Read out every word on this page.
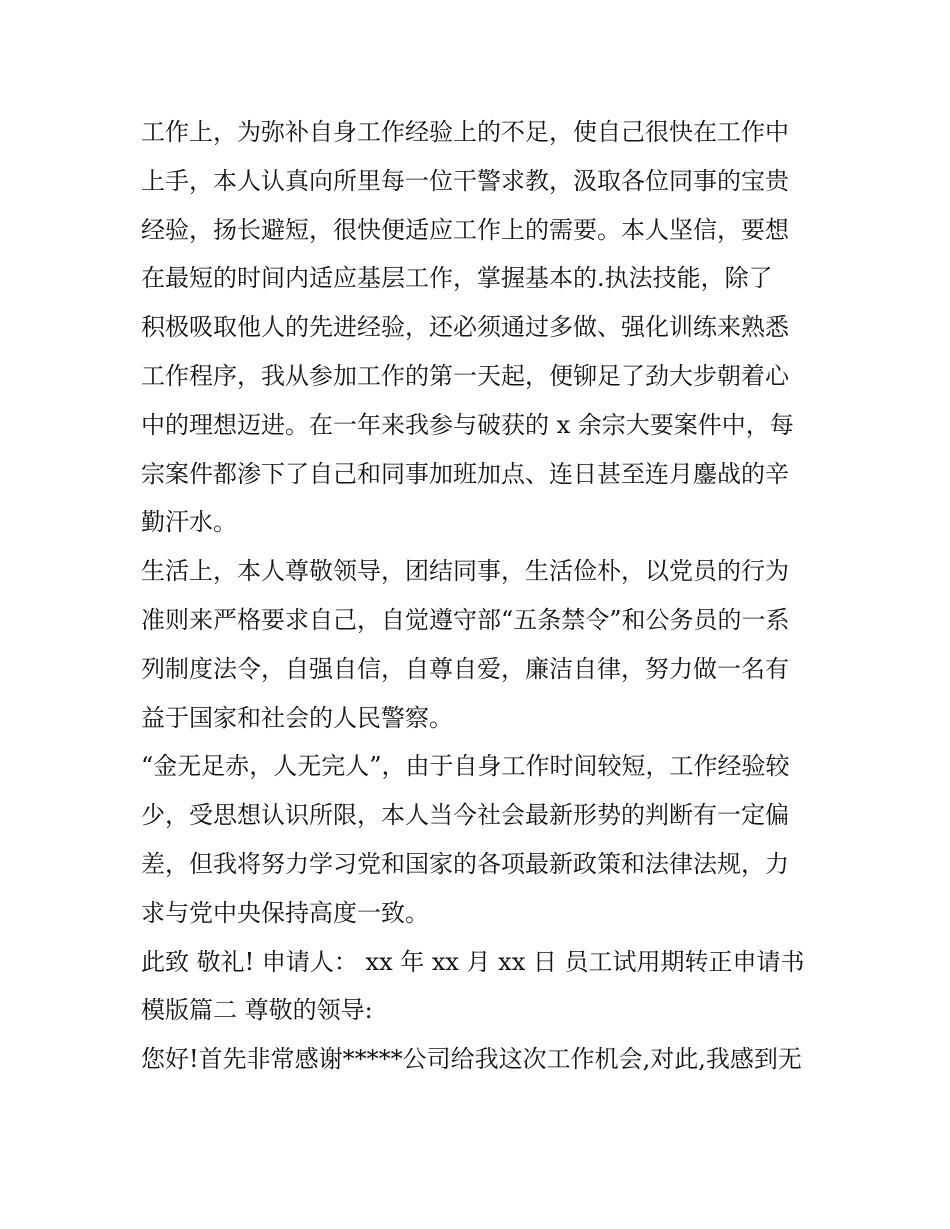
工作上，为弥补自身工作经验上的不足，使自己很快在工作中

上手，本人认真向所里每一位干警求教，汲取各位同事的宝贵

经验，扬长避短，很快便适应工作上的需要。本人坚信，要想

在最短的时间内适应基层工作，掌握基本的.执法技能，除了

积极吸取他人的先进经验，还必须通过多做、强化训练来熟悉

工作程序，我从参加工作的第一天起，便铆足了劲大步朝着心

中的理想迈进。在一年来我参与破获的 x 余宗大要案件中，每

宗案件都渗下了自己和同事加班加点、连日甚至连月鏖战的辛

勤汗水。

生活上，本人尊敬领导，团结同事，生活俭朴，以党员的行为

准则来严格要求自己，自觉遵守部“五条禁令”和公务员的一系

列制度法令，自强自信，自尊自爱，廉洁自律，努力做一名有

益于国家和社会的人民警察。

“金无足赤，人无完人”，由于自身工作时间较短，工作经验较

少，受思想认识所限，本人当今社会最新形势的判断有一定偏

差，但我将努力学习党和国家的各项最新政策和法律法规，力

求与党中央保持高度一致。

此致 敬礼! 申请人： xx 年 xx 月 xx 日 员工试用期转正申请书

模版篇二 尊敬的领导:

您好!首先非常感谢*****公司给我这次工作机会,对此,我感到无
